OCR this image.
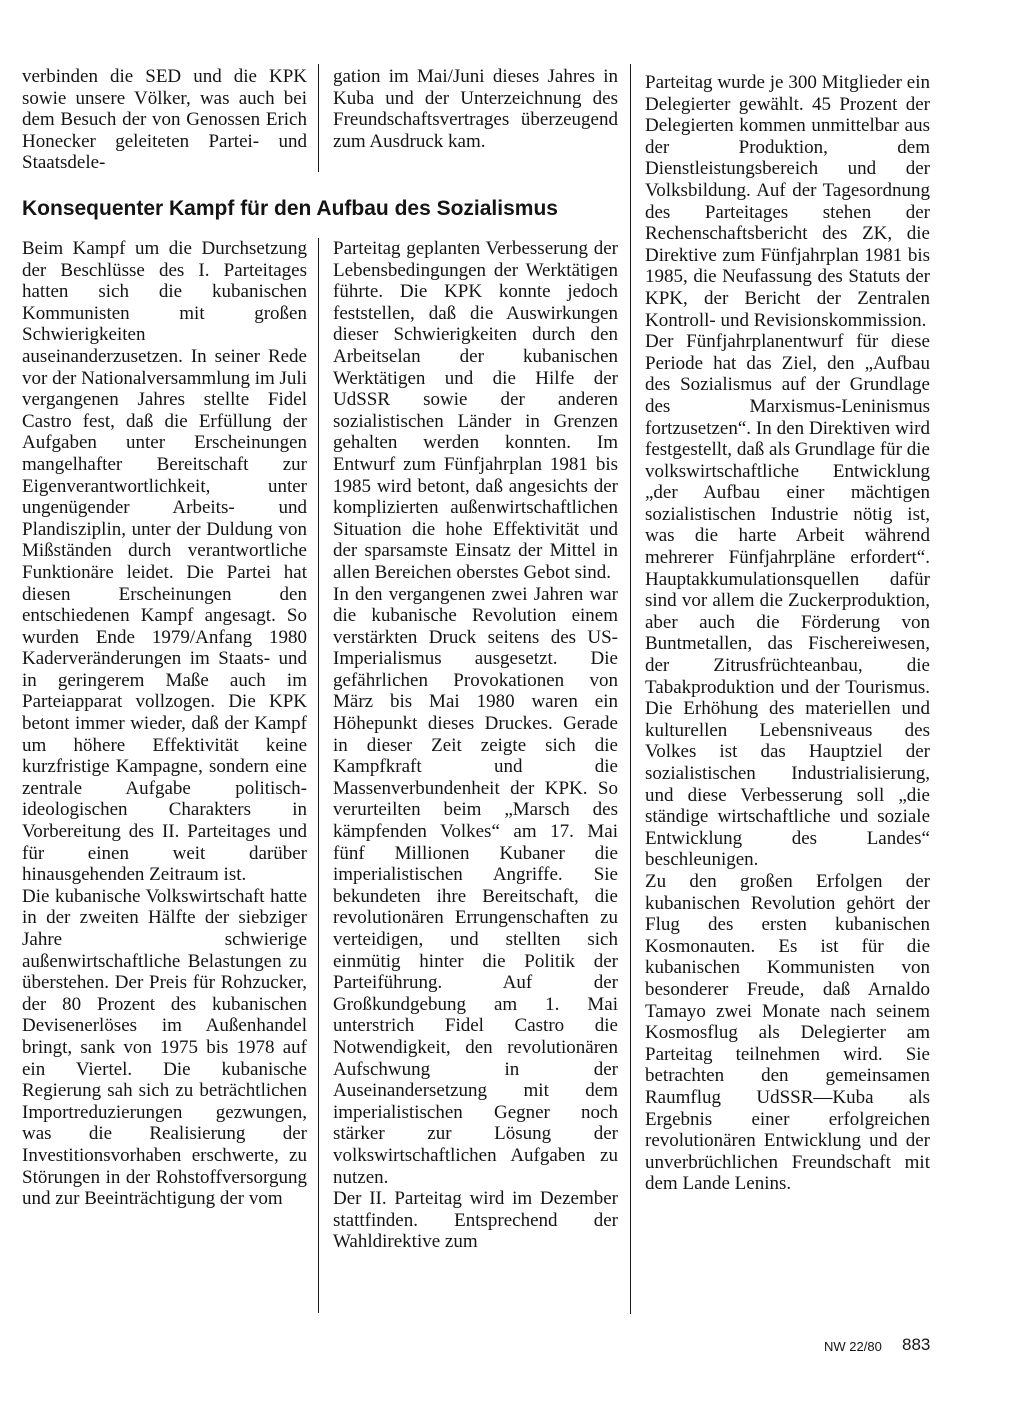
verbinden die SED und die KPK sowie unsere Völker, was auch bei dem Besuch der von Genossen Erich Honecker geleiteten Partei- und Staatsdele-

gation im Mai/Juni dieses Jahres in Kuba und der Unterzeichnung des Freundschaftsvertrages überzeugend zum Ausdruck kam.

Konsequenter Kampf für den Aufbau des Sozialismus

Beim Kampf um die Durchsetzung der Beschlüsse des I. Parteitages hatten sich die kubanischen Kommunisten mit großen Schwierigkeiten auseinanderzusetzen. In seiner Rede vor der Nationalversammlung im Juli vergangenen Jahres stellte Fidel Castro fest, daß die Erfüllung der Aufgaben unter Erscheinungen mangelhafter Bereitschaft zur Eigenverantwortlichkeit, unter ungenügender Arbeits- und Plandisziplin, unter der Duldung von Mißständen durch verantwortliche Funktionäre leidet. Die Partei hat diesen Erscheinungen den entschiedenen Kampf angesagt. So wurden Ende 1979/Anfang 1980 Kaderveränderungen im Staats- und in geringerem Maße auch im Parteiapparat vollzogen. Die KPK betont immer wieder, daß der Kampf um höhere Effektivität keine kurzfristige Kampagne, sondern eine zentrale Aufgabe politisch-ideologischen Charakters in Vorbereitung des II. Parteitages und für einen weit darüber hinausgehenden Zeitraum ist.

Die kubanische Volkswirtschaft hatte in der zweiten Hälfte der siebziger Jahre schwierige außenwirtschaftliche Belastungen zu überstehen. Der Preis für Rohzucker, der 80 Prozent des kubanischen Devisenerlöses im Außenhandel bringt, sank von 1975 bis 1978 auf ein Viertel. Die kubanische Regierung sah sich zu beträchtlichen Importreduzierungen gezwungen, was die Realisierung der Investitionsvorhaben erschwerte, zu Störungen in der Rohstoffversorgung und zur Beeinträchtigung der vom

Parteitag geplanten Verbesserung der Lebensbedingungen der Werktätigen führte. Die KPK konnte jedoch feststellen, daß die Auswirkungen dieser Schwierigkeiten durch den Arbeitselan der kubanischen Werktätigen und die Hilfe der UdSSR sowie der anderen sozialistischen Länder in Grenzen gehalten werden konnten. Im Entwurf zum Fünfjahrplan 1981 bis 1985 wird betont, daß angesichts der komplizierten außenwirtschaftlichen Situation die hohe Effektivität und der sparsamste Einsatz der Mittel in allen Bereichen oberstes Gebot sind.

In den vergangenen zwei Jahren war die kubanische Revolution einem verstärkten Druck seitens des US-Imperialismus ausgesetzt. Die gefährlichen Provokationen von März bis Mai 1980 waren ein Höhepunkt dieses Druckes. Gerade in dieser Zeit zeigte sich die Kampfkraft und die Massenverbundenheit der KPK. So verurteilten beim „Marsch des kämpfenden Volkes“ am 17. Mai fünf Millionen Kubaner die imperialistischen Angriffe. Sie bekundeten ihre Bereitschaft, die revolutionären Errungenschaften zu verteidigen, und stellten sich einmütig hinter die Politik der Parteiführung. Auf der Großkundgebung am 1. Mai unterstrich Fidel Castro die Notwendigkeit, den revolutionären Aufschwung in der Auseinandersetzung mit dem imperialistischen Gegner noch stärker zur Lösung der volkswirtschaftlichen Aufgaben zu nutzen.

Der II. Parteitag wird im Dezember stattfinden. Entsprechend der Wahldirektive zum

Parteitag wurde je 300 Mitglieder ein Delegierter gewählt. 45 Prozent der Delegierten kommen unmittelbar aus der Produktion, dem Dienstleistungsbereich und der Volksbildung. Auf der Tagesordnung des Parteitages stehen der Rechenschaftsbericht des ZK, die Direktive zum Fünfjahrplan 1981 bis 1985, die Neufassung des Statuts der KPK, der Bericht der Zentralen Kontroll- und Revisionskommission.

Der Fünfjahrplanentwurf für diese Periode hat das Ziel, den „Aufbau des Sozialismus auf der Grundlage des Marxismus-Leninismus fortzusetzen“. In den Direktiven wird festgestellt, daß als Grundlage für die volkswirtschaftliche Entwicklung „der Aufbau einer mächtigen sozialistischen Industrie nötig ist, was die harte Arbeit während mehrerer Fünfjahrpläne erfordert“. Hauptakkumulationsquellen dafür sind vor allem die Zuckerproduktion, aber auch die Förderung von Buntmetallen, das Fischereiwesen, der Zitrusfrüchteanbau, die Tabakproduktion und der Tourismus. Die Erhöhung des materiellen und kulturellen Lebensniveaus des Volkes ist das Hauptziel der sozialistischen Industrialisierung, und diese Verbesserung soll „die ständige wirtschaftliche und soziale Entwicklung des Landes“ beschleunigen.

Zu den großen Erfolgen der kubanischen Revolution gehört der Flug des ersten kubanischen Kosmonauten. Es ist für die kubanischen Kommunisten von besonderer Freude, daß Arnaldo Tamayo zwei Monate nach seinem Kosmosflug als Delegierter am Parteitag teilnehmen wird. Sie betrachten den gemeinsamen Raumflug UdSSR—Kuba als Ergebnis einer erfolgreichen revolutionären Entwicklung und der unverbrüchlichen Freundschaft mit dem Lande Lenins.

NW 22/80 883
